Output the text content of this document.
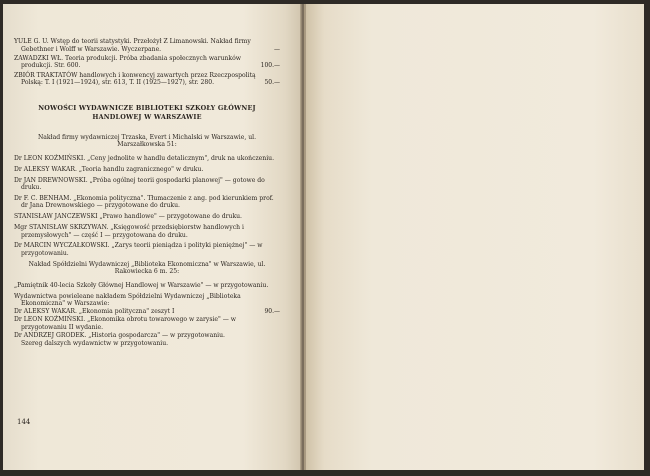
YULE G. U. Wstęp do teorii statystyki. Przełożył Z Limanowski. Nakład firmy Gebethner i Wolff w Warszawie. Wyczerpane.	—
ZAWADZKI WŁ. Teoria produkcji. Próba zbadania społecznych warunków produkcji. Str. 600.	100.—
ZBIÓR TRAKTATÓW handlowych i konwencyj zawartych przez Rzeczpospolitą Polską: T. I (1921—1924), str. 613, T. II (1925—1927), str. 280.	50.—
NOWOŚCI WYDAWNICZE BIBLIOTEKI SZKOŁY GŁÓWNEJ HANDLOWEJ W WARSZAWIE
Nakład firmy wydawniczej Trzaska, Evert i Michalski w Warszawie, ul. Marszałkowska 51:
Dr LEON KOŹMIŃSKI. „Ceny jednolite w handlu detalicznym", druk na ukończeniu.
Dr ALEKSY WAKAR. „Teoria handlu zagranicznego" w druku.
Dr JAN DREWNOWSKI. „Próba ogólnej teorii gospodarki planowej" — gotowe do druku.
Dr F. C. BENHAM. „Ekonomia polityczna". Tłumaczenie z ang. pod kierunkiem prof. dr Jana Drewnowskiego — przygotowane do druku.
STANISŁAW JANCZEWSKI „Prawo handlowe" — przygotowane do druku.
Mgr STANISŁAW SKRZYWAN. „Księgowość przedsiębiorstw handlowych i przemysłowych" — część I — przygotowana do druku.
Dr MARCIN WYCZAŁKOWSKI. „Zarys teorii pieniądza i polityki pieniężnej" — w przygotowaniu.
Nakład Spółdzielni Wydawniczej „Biblioteka Ekonomiczna" w Warszawie, ul. Rakowiecka 6 m. 25:
„Pamiętnik 40-lecia Szkoły Głównej Handlowej w Warszawie" — w przygotowaniu.
Wydawnictwa powieleane nakładem Spółdzielni Wydawniczej „Biblioteka Ekonomiczna" w Warszawie:
Dr ALEKSY WAKAR. „Ekonomia polityczna" zeszyt I	90.—
Dr LEON KOŹMIŃSKI. „Ekonomika obrotu towarowego w zarysie" — w przygotowaniu II wydanie.
Dr ANDRZEJ GRODEK. „Historia gospodarcza" — w przygotowaniu.
Szereg dalszych wydawnictw w przygotowaniu.
144
